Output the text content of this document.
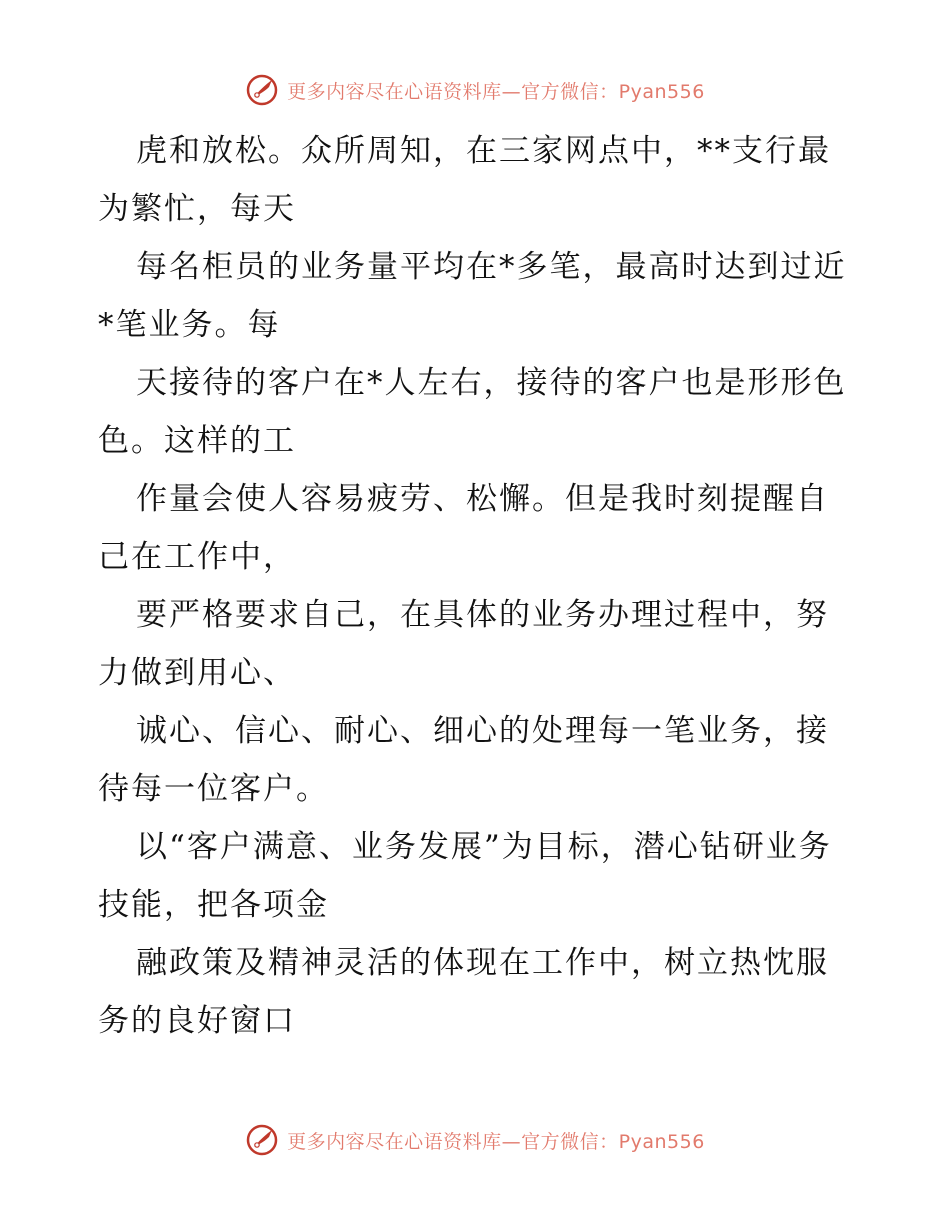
更多内容尽在心语资料库—官方微信：Pyan556

虎和放松。众所周知，在三家网点中，**支行最为繁忙，每天

每名柜员的业务量平均在*多笔，最高时达到过近*笔业务。每

天接待的客户在*人左右，接待的客户也是形形色色。这样的工

作量会使人容易疲劳、松懈。但是我时刻提醒自己在工作中，

要严格要求自己，在具体的业务办理过程中，努力做到用心、

诚心、信心、耐心、细心的处理每一笔业务，接待每一位客户。

以“客户满意、业务发展”为目标，潜心钻研业务技能，把各项金

融政策及精神灵活的体现在工作中，树立热忱服务的良好窗口

更多内容尽在心语资料库—官方微信：Pyan556
